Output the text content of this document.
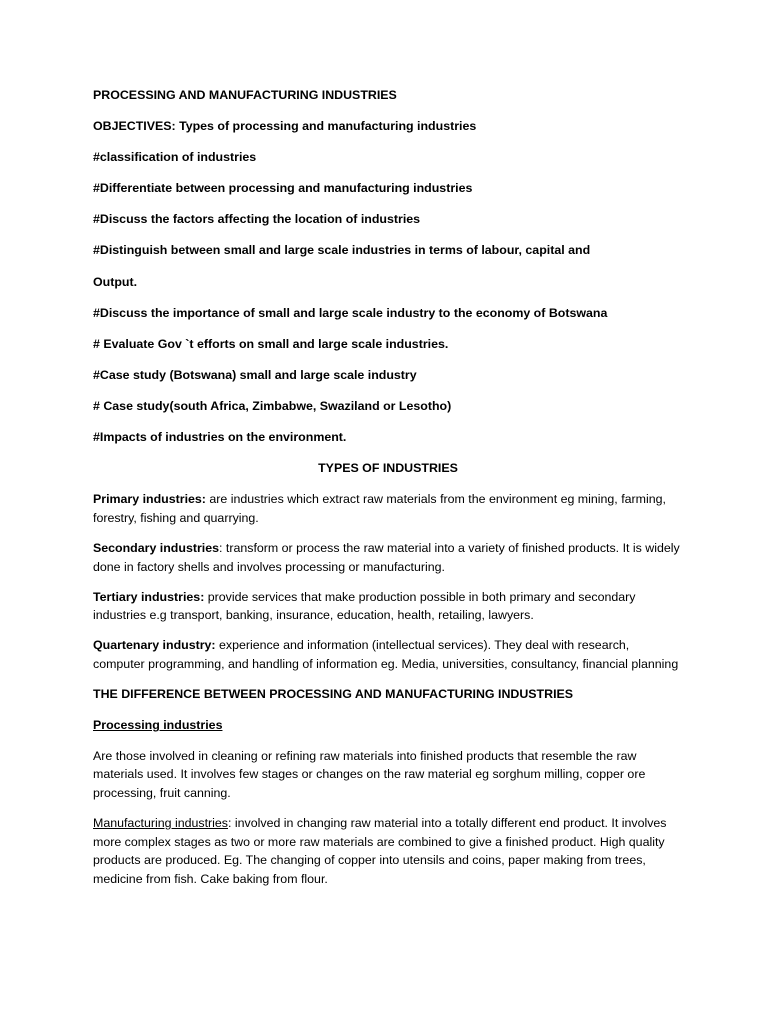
PROCESSING AND MANUFACTURING INDUSTRIES
OBJECTIVES: Types of processing and manufacturing industries
#classification of industries
#Differentiate between processing and manufacturing industries
#Discuss the factors affecting the location of industries
#Distinguish between small and large scale industries in terms of labour, capital and
Output.
#Discuss the importance of small and large scale industry to the economy of Botswana
# Evaluate Gov `t efforts on small and large scale industries.
#Case study (Botswana) small and large scale industry
# Case study(south Africa, Zimbabwe, Swaziland or Lesotho)
#Impacts of industries on the environment.
TYPES OF INDUSTRIES

Primary industries: are industries which extract raw materials from the environment eg mining, farming, forestry, fishing and quarrying.

Secondary industries: transform or process the raw material into a variety of finished products. It is widely done in factory shells and involves processing or manufacturing.

Tertiary industries: provide services that make production possible in both primary and secondary industries e.g transport, banking, insurance, education, health, retailing, lawyers.

Quartenary industry: experience and information (intellectual services). They deal with research, computer programming, and handling of information eg. Media, universities, consultancy, financial planning

THE DIFFERENCE BETWEEN PROCESSING AND MANUFACTURING INDUSTRIES
Processing industries

Are those involved in cleaning or refining raw materials into finished products that resemble the raw materials used. It involves few stages or changes on the raw material eg sorghum milling, copper ore processing, fruit canning.

Manufacturing industries: involved in changing raw material into a totally different end product. It involves more complex stages as two or more raw materials are combined to give a finished product. High quality products are produced. Eg. The changing of copper into utensils and coins, paper making from trees, medicine from fish. Cake baking from flour.
